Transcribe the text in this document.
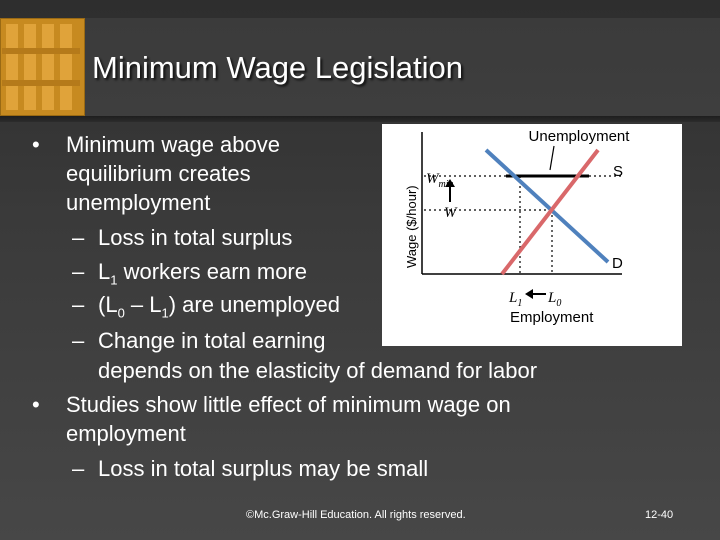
Minimum Wage Legislation
• Minimum wage above
equilibrium creates
unemployment
– Loss in total surplus
– $L_1$ workers earn more
– $(L_0 - L_1)$ are unemployed
– Change in total earning
depends on the elasticity of demand for labor
• Studies show little effect of minimum wage on
employment
– Loss in total surplus may be small
Unemployment
S
D
$W_{min}$
W
Employment
$L_1$ $L_0$
Wage ($/hour)
©Mc.Graw-Hill Education. All rights reserved.	12-40
